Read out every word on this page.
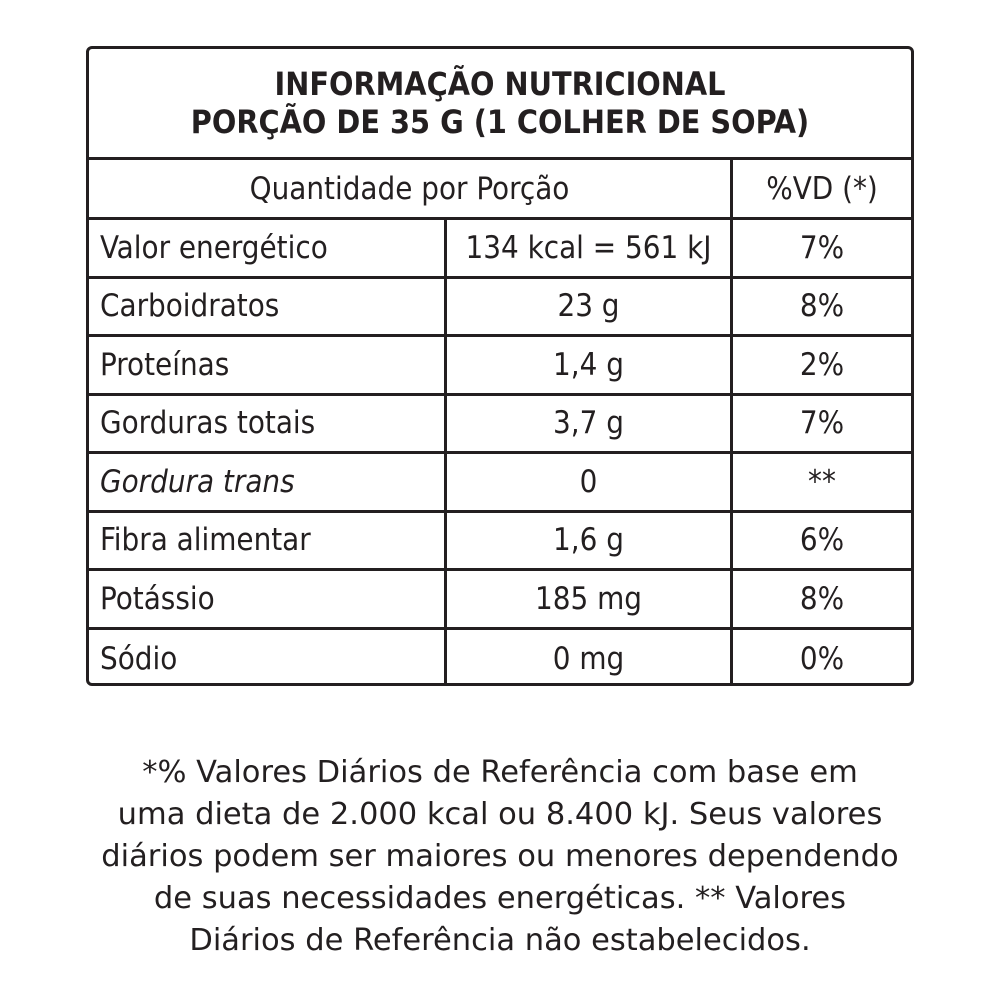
INFORMAÇÃO NUTRICIONAL
PORÇÃO DE 35 G (1 COLHER DE SOPA)
Quantidade por Porção	%VD (*)
Valor energético	134 kcal = 561 kJ	7%
Carboidratos	23 g	8%
Proteínas	1,4 g	2%
Gorduras totais	3,7 g	7%
Gordura trans	0	**
Fibra alimentar	1,6 g	6%
Potássio	185 mg	8%
Sódio	0 mg	0%
*% Valores Diários de Referência com base em
uma dieta de 2.000 kcal ou 8.400 kJ. Seus valores
diários podem ser maiores ou menores dependendo
de suas necessidades energéticas. ** Valores
Diários de Referência não estabelecidos.
